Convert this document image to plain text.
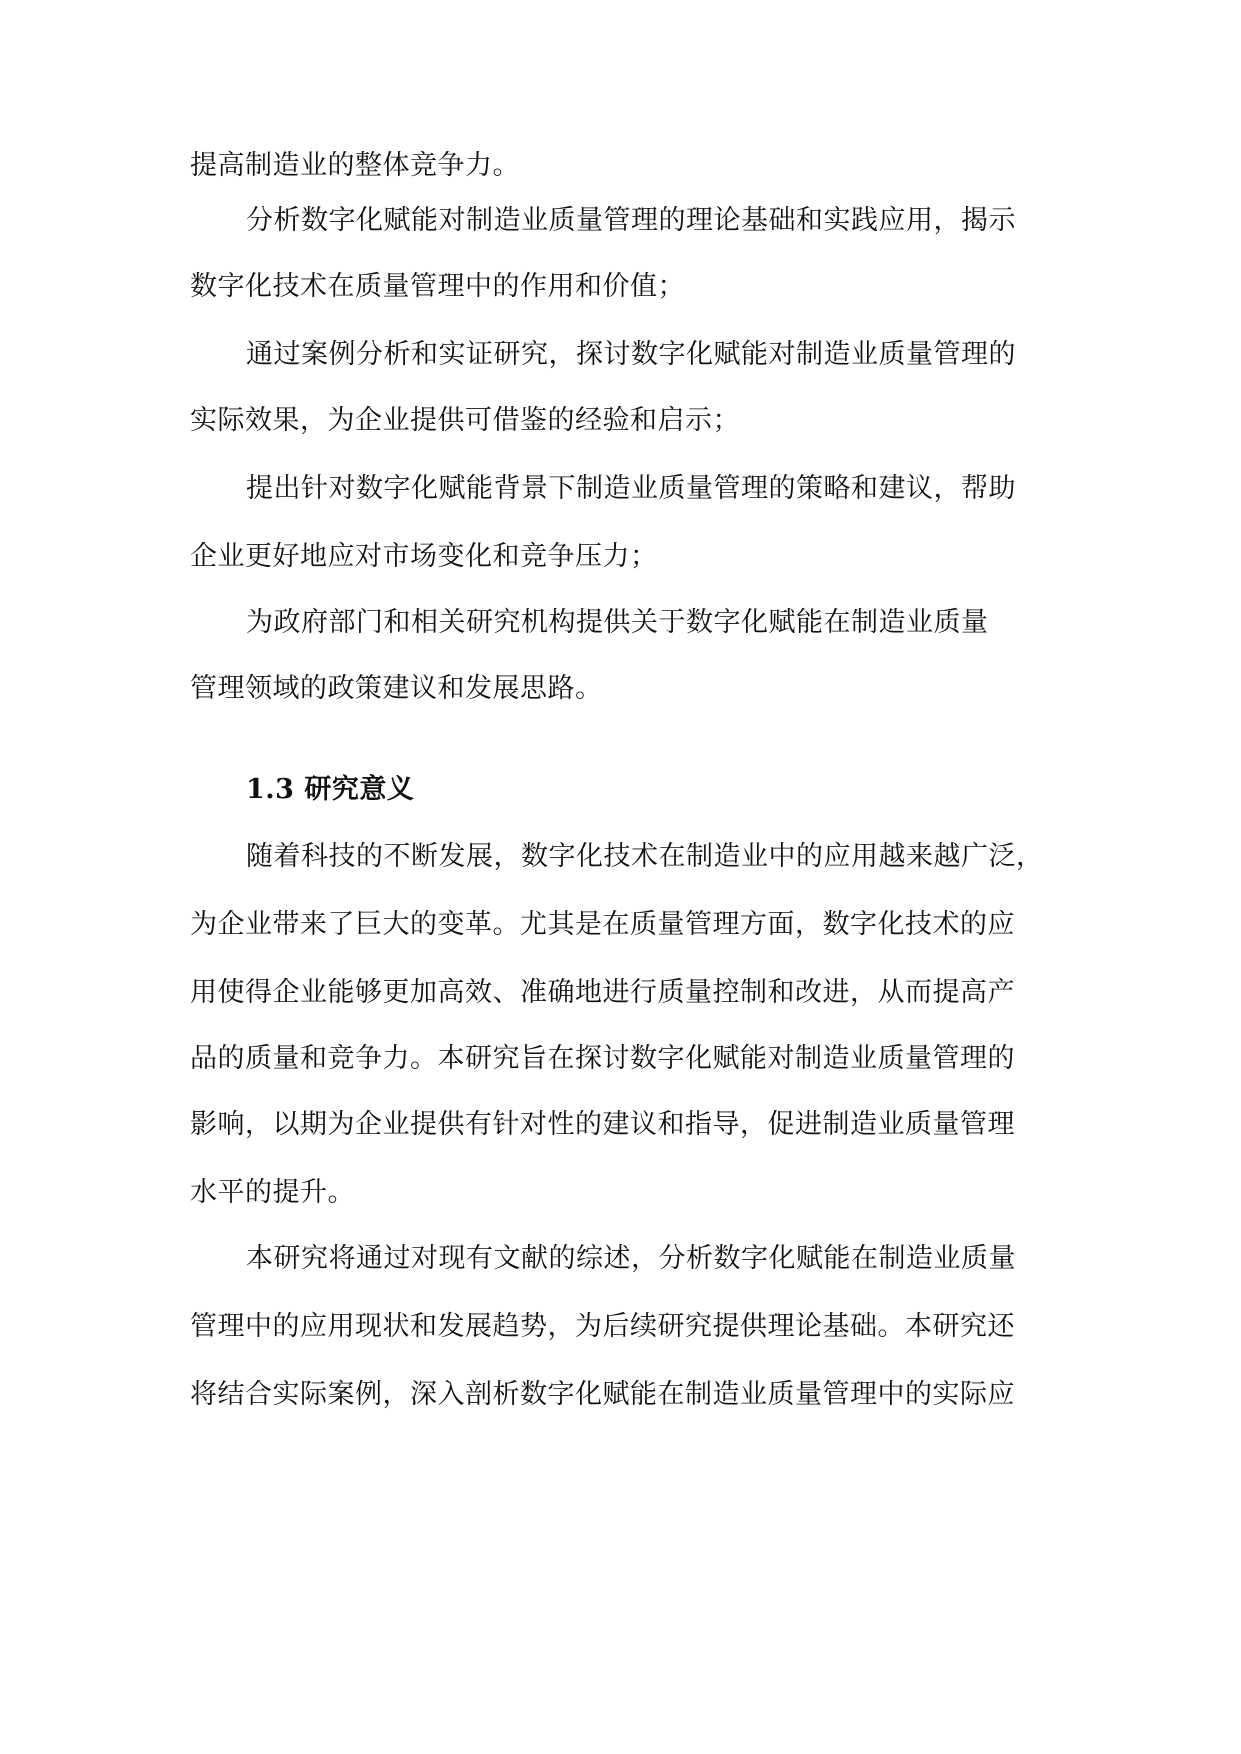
提高制造业的整体竞争力。
分析数字化赋能对制造业质量管理的理论基础和实践应用，揭示
数字化技术在质量管理中的作用和价值；
通过案例分析和实证研究，探讨数字化赋能对制造业质量管理的
实际效果，为企业提供可借鉴的经验和启示；
提出针对数字化赋能背景下制造业质量管理的策略和建议，帮助
企业更好地应对市场变化和竞争压力；
为政府部门和相关研究机构提供关于数字化赋能在制造业质量
管理领域的政策建议和发展思路。
1.3 研究意义
随着科技的不断发展，数字化技术在制造业中的应用越来越广泛，
为企业带来了巨大的变革。尤其是在质量管理方面，数字化技术的应
用使得企业能够更加高效、准确地进行质量控制和改进，从而提高产
品的质量和竞争力。本研究旨在探讨数字化赋能对制造业质量管理的
影响，以期为企业提供有针对性的建议和指导，促进制造业质量管理
水平的提升。
本研究将通过对现有文献的综述，分析数字化赋能在制造业质量
管理中的应用现状和发展趋势，为后续研究提供理论基础。本研究还
将结合实际案例，深入剖析数字化赋能在制造业质量管理中的实际应
